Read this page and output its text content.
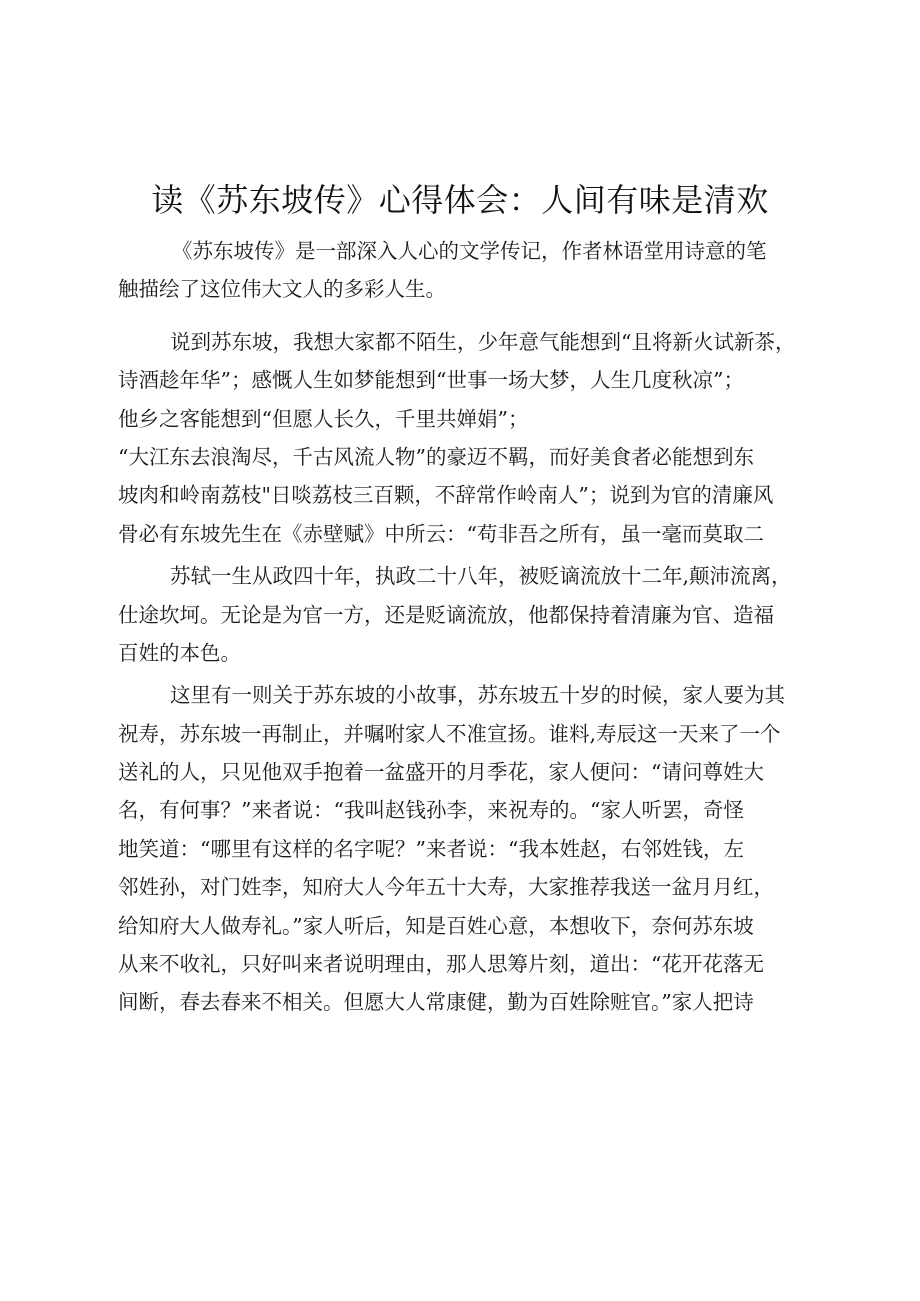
读《苏东坡传》心得体会：人间有味是清欢
《苏东坡传》是一部深入人心的文学传记，作者林语堂用诗意的笔
触描绘了这位伟大文人的多彩人生。
说到苏东坡，我想大家都不陌生，少年意气能想到“且将新火试新茶，
诗酒趁年华”；感慨人生如梦能想到“世事一场大梦，人生几度秋凉”；
他乡之客能想到“但愿人长久，千里共婵娟”；
“大江东去浪淘尽，千古风流人物”的豪迈不羁，而好美食者必能想到东
坡肉和岭南荔枝"日啖荔枝三百颗，不辞常作岭南人”；说到为官的清廉风
骨必有东坡先生在《赤壁赋》中所云：“苟非吾之所有，虽一毫而莫取二
苏轼一生从政四十年，执政二十八年，被贬谪流放十二年,颠沛流离，
仕途坎坷。无论是为官一方，还是贬谪流放，他都保持着清廉为官、造福
百姓的本色。
这里有一则关于苏东坡的小故事，苏东坡五十岁的时候，家人要为其
祝寿，苏东坡一再制止，并嘱咐家人不准宣扬。谁料,寿辰这一天来了一个
送礼的人，只见他双手抱着一盆盛开的月季花，家人便问：“请问尊姓大
名，有何事？”来者说：“我叫赵钱孙李，来祝寿的。“家人听罢，奇怪
地笑道：“哪里有这样的名字呢？”来者说：“我本姓赵，右邻姓钱，左
邻姓孙，对门姓李，知府大人今年五十大寿，大家推荐我送一盆月月红，
给知府大人做寿礼。”家人听后，知是百姓心意，本想收下，奈何苏东坡
从来不收礼，只好叫来者说明理由，那人思筹片刻，道出：“花开花落无
间断，春去春来不相关。但愿大人常康健，勤为百姓除赃官。”家人把诗
